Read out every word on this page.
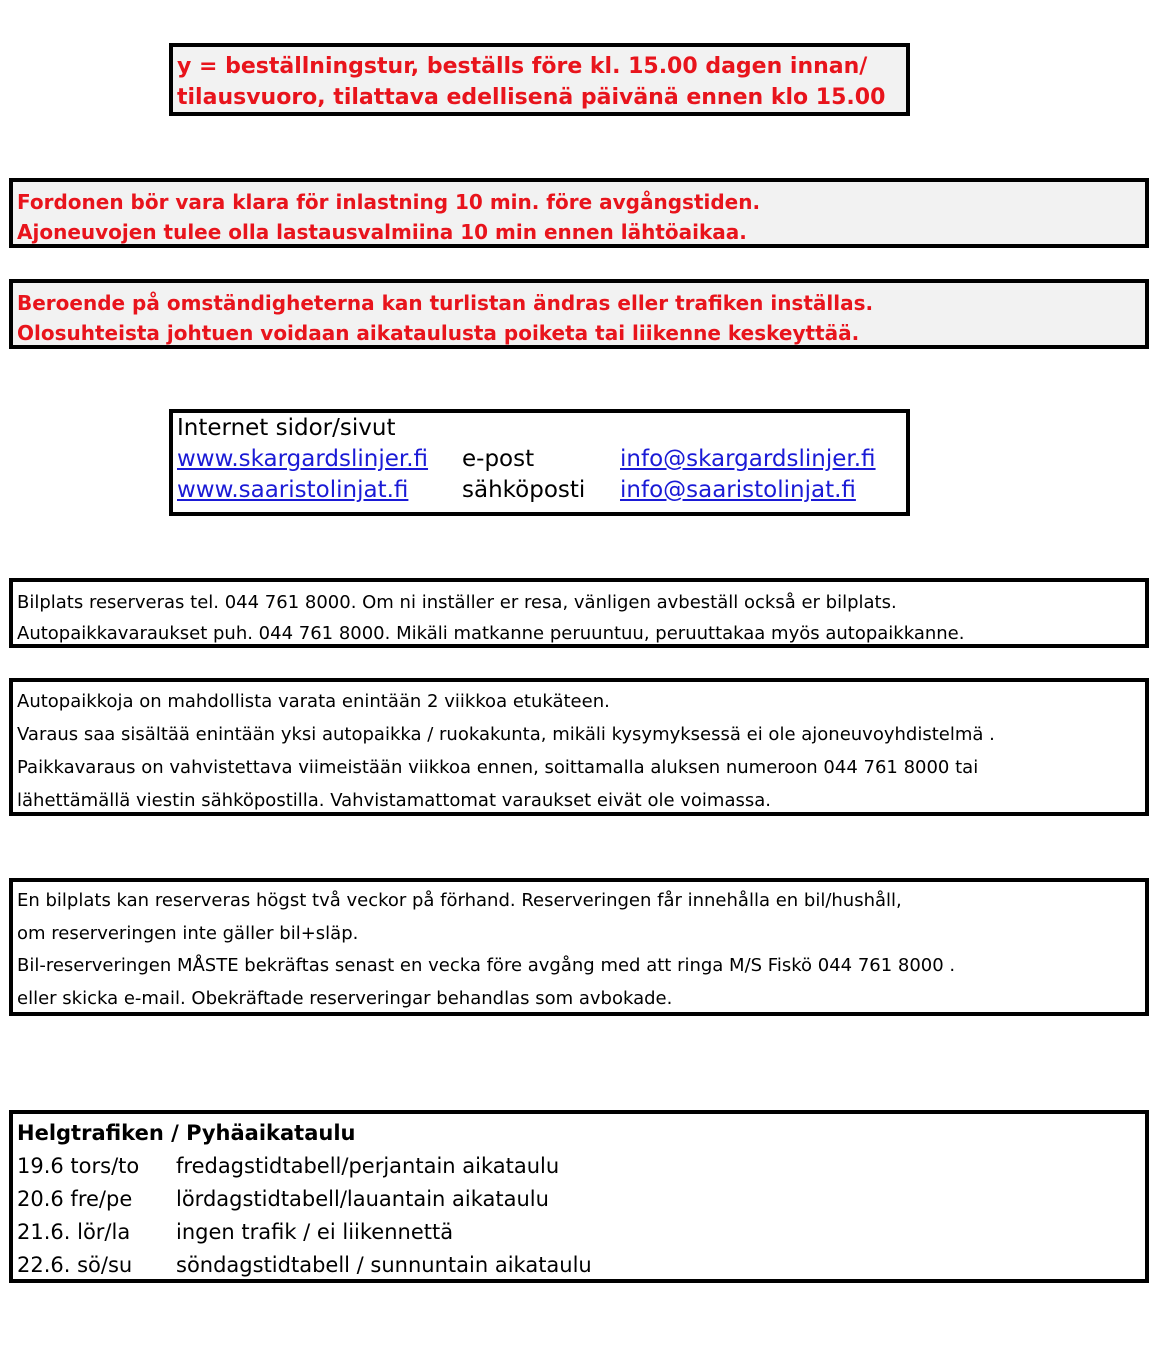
y = beställningstur, beställs före kl. 15.00 dagen innan/
tilausvuoro, tilattava edellisenä päivänä ennen klo 15.00
Fordonen bör vara klara för inlastning 10 min. före avgångstiden.
Ajoneuvojen tulee olla lastausvalmiina 10 min ennen lähtöaikaa.
Beroende på omständigheterna kan turlistan ändras eller trafiken inställas.
Olosuhteista johtuen voidaan aikataulusta poiketa tai liikenne keskeyttää.
Internet sidor/sivut
www.skargardslinjer.fi e-post	info@skargardslinjer.fi
www.saaristolinjat.fi sähköposti info@saaristolinjat.fi
Bilplats reserveras tel. 044 761 8000. Om ni inställer er resa, vänligen avbeställ också er bilplats.
Autopaikkavaraukset puh. 044 761 8000. Mikäli matkanne peruuntuu, peruuttakaa myös autopaikkanne.
Autopaikkoja on mahdollista varata enintään 2 viikkoa etukäteen.
Varaus saa sisältää enintään yksi autopaikka / ruokakunta, mikäli kysymyksessä ei ole ajoneuvoyhdistelmä .
Paikkavaraus on vahvistettava viimeistään viikkoa ennen, soittamalla aluksen numeroon 044 761 8000 tai
lähettämällä viestin sähköpostilla. Vahvistamattomat varaukset eivät ole voimassa.
En bilplats kan reserveras högst två veckor på förhand. Reserveringen får innehålla en bil/hushåll,
om reserveringen inte gäller bil+släp.
Bil-reserveringen MÅSTE bekräftas senast en vecka före avgång med att ringa M/S Fiskö 044 761 8000 .
eller skicka e-mail. Obekräftade reserveringar behandlas som avbokade.
Helgtrafiken / Pyhäaikataulu
19.6 tors/to fredagstidtabell/perjantain aikataulu
20.6 fre/pe lördagstidtabell/lauantain aikataulu
21.6. lör/la ingen trafik / ei liikennettä
22.6. sö/su söndagstidtabell / sunnuntain aikataulu
